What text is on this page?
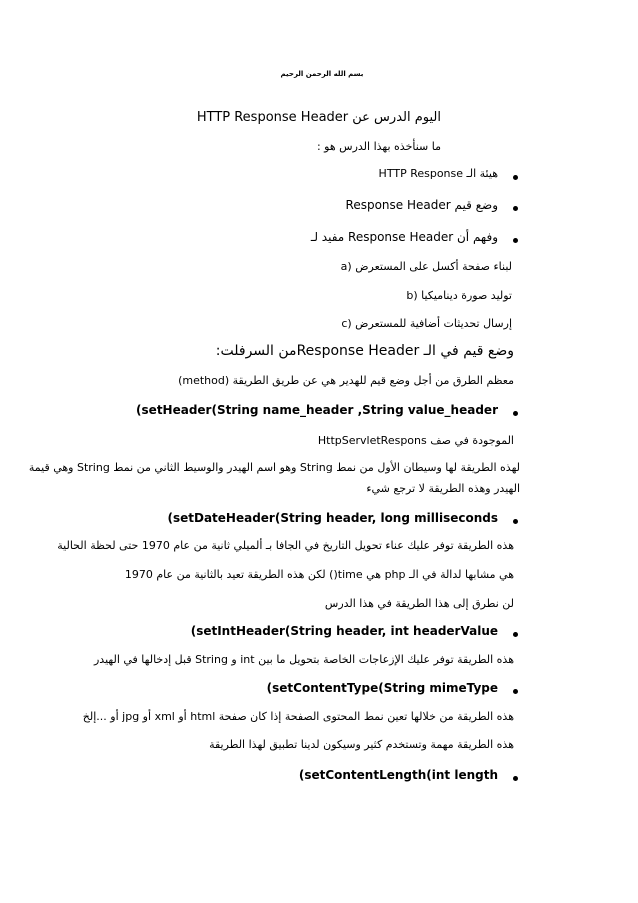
بسم الله الرحمن الرحيم
اليوم الدرس عن HTTP Response Header
ما سنأخذه بهذا الدرس هو :
هيئة الـ HTTP Response
وضع قيم Response Header
وفهم أن Response Header مفيد لـ
a) لبناء صفحة أكسل على المستعرض
b) توليد صورة ديناميكيا
c) إرسال تحديثات أضافية للمستعرض
وضع قيم في الـ Response Headerمن السرفلت:
معظم الطرق من أجل وضع قيم للهدير هي عن طريق الطريقة (method)
(setHeader(String name_header ,String value_header
الموجودة في صف HttpServletRespons
لهذه الطريقة لها وسيطان الأول من نمط String وهو اسم الهيدر والوسيط الثاني من نمط String وهي قيمة
الهيدر وهذه الطريقة لا ترجع شيء
(setDateHeader(String header, long milliseconds
هذه الطريقة توفر عليك عناء تحويل التاريخ في الجافا بـ ألميلي ثانية من عام 1970 حتى لحظة الحالية
هي مشابها لدالة في الـ php هي time() لكن هذه الطريقة تعيد بالثانية من عام 1970
لن نطرق إلى هذا الطريقة في هذا الدرس
(setIntHeader(String header, int headerValue
هذه الطريقة توفر عليك الإزعاجات الخاصة بتحويل ما بين int و String قبل إدخالها في الهيدر
(setContentType(String mimeType
هذه الطريقة من خلالها تعين نمط المحتوى الصفحة إذا كان صفحة html أو xml أو jpg أو ...إلخ
هذه الطريقة مهمة وتستخدم كثير وسيكون لدينا تطبيق لهذا الطريقة
(setContentLength(int length
